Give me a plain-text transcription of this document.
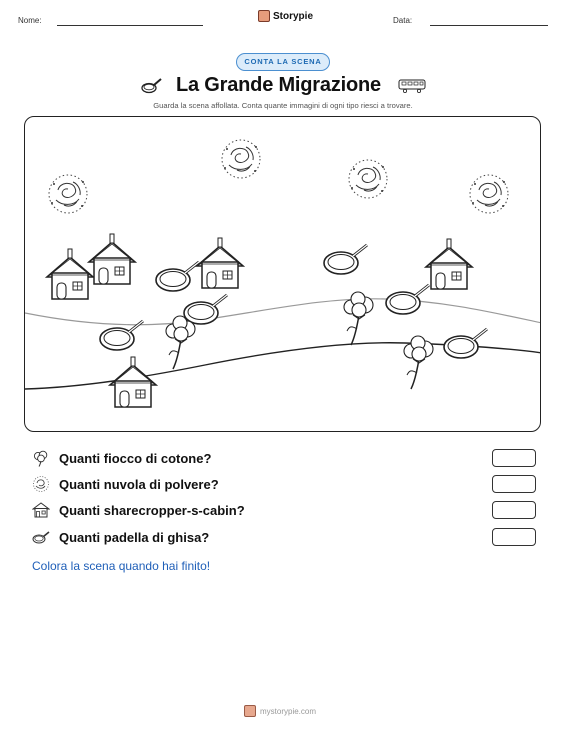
Nome:	Storypie	Data:
CONTA LA SCENA
La Grande Migrazione
Guarda la scena affollata. Conta quante immagini di ogni tipo riesci a trovare.
Quanti fiocco di cotone?
Quanti nuvola di polvere?
Quanti sharecropper-s-cabin?
Quanti padella di ghisa?
Colora la scena quando hai finito!
mystorypie.com
